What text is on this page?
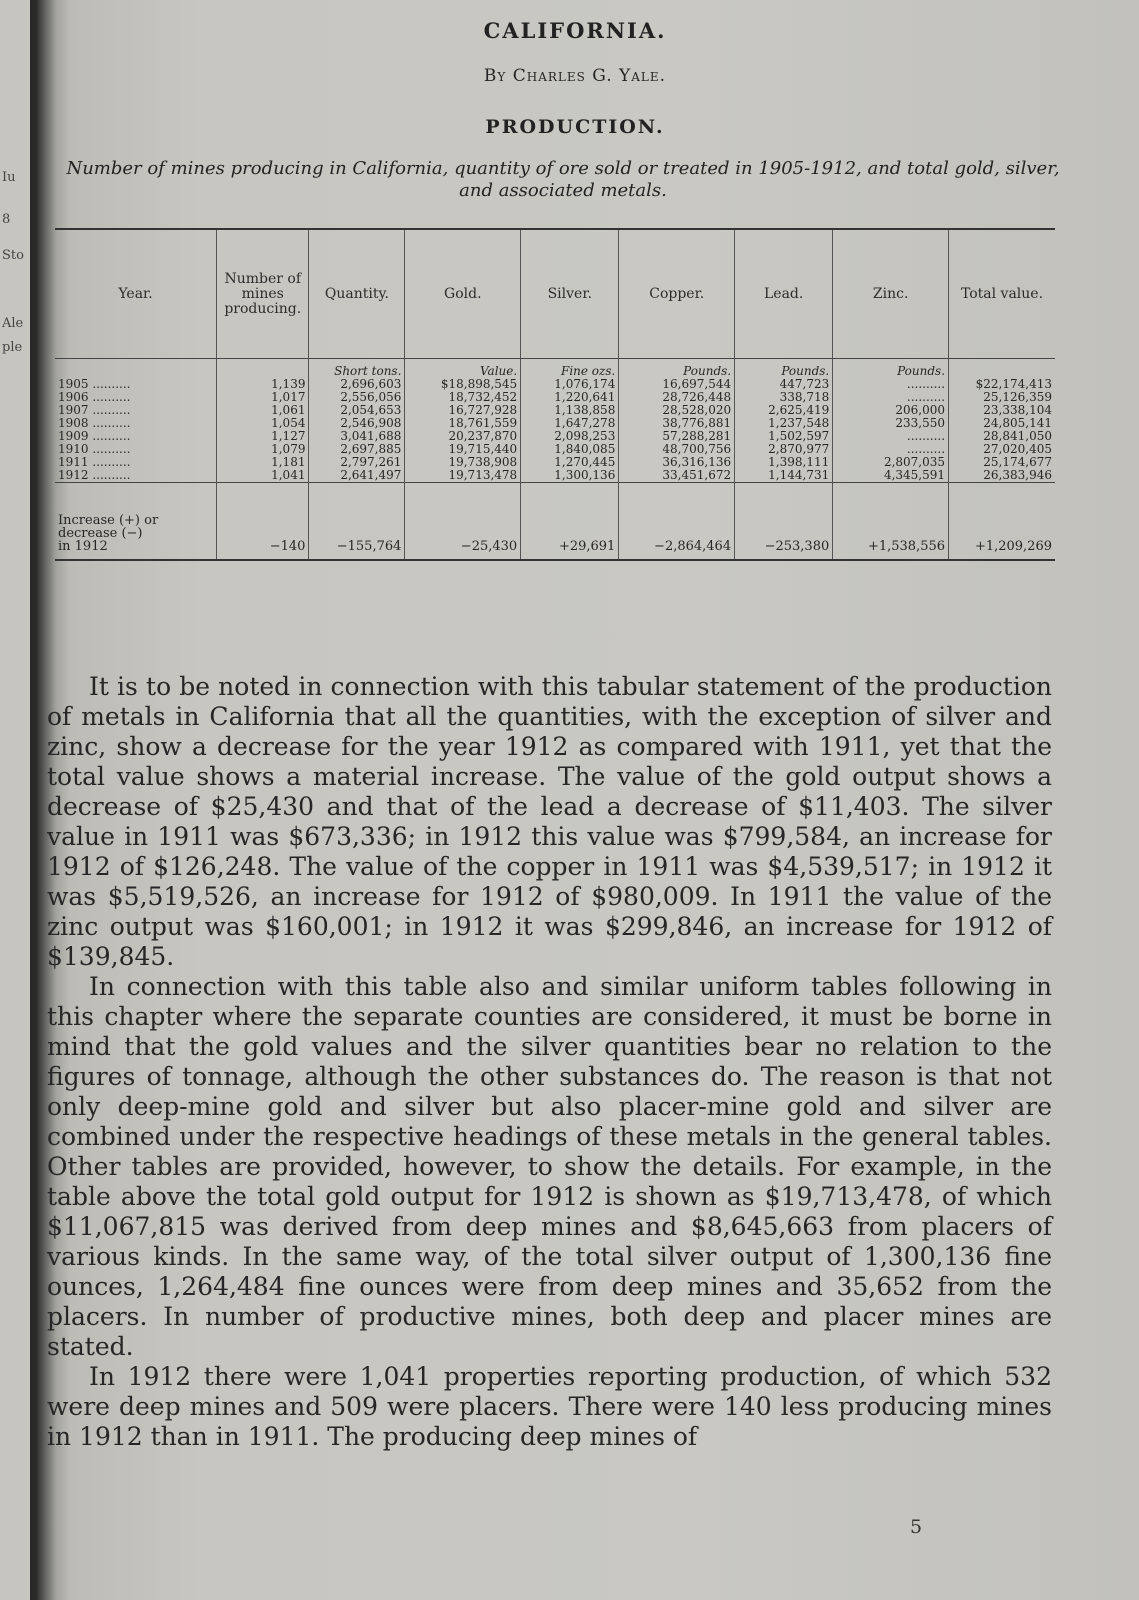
Iu
8
Sto
Ale
ple
CALIFORNIA.
By Charles G. Yale.
PRODUCTION.
Number of mines producing in California, quantity of ore sold or treated in 1905-1912, and total gold, silver, and associated metals.
Year.	Number of mines producing.	Quantity.	Gold.	Silver.	Copper.	Lead.	Zinc.	Total value.
		Short tons.	Value.	Fine ozs.	Pounds.	Pounds.	Pounds.	
1905 ..........	1,139	2,696,603	$18,898,545	1,076,174	16,697,544	447,723	..........	$22,174,413
1906 ..........	1,017	2,556,056	18,732,452	1,220,641	28,726,448	338,718	..........	25,126,359
1907 ..........	1,061	2,054,653	16,727,928	1,138,858	28,528,020	2,625,419	206,000	23,338,104
1908 ..........	1,054	2,546,908	18,761,559	1,647,278	38,776,881	1,237,548	233,550	24,805,141
1909 ..........	1,127	3,041,688	20,237,870	2,098,253	57,288,281	1,502,597	..........	28,841,050
1910 ..........	1,079	2,697,885	19,715,440	1,840,085	48,700,756	2,870,977	..........	27,020,405
1911 ..........	1,181	2,797,261	19,738,908	1,270,445	36,316,136	1,398,111	2,807,035	25,174,677
1912 ..........	1,041	2,641,497	19,713,478	1,300,136	33,451,672	1,144,731	4,345,591	26,383,946
Increase (+) or
decrease (−)
in 1912	−140	−155,764	−25,430	+29,691	−2,864,464	−253,380	+1,538,556	+1,209,269

It is to be noted in connection with this tabular statement of the production of metals in California that all the quantities, with the exception of silver and zinc, show a decrease for the year 1912 as compared with 1911, yet that the total value shows a material increase. The value of the gold output shows a decrease of $25,430 and that of the lead a decrease of $11,403. The silver value in 1911 was $673,336; in 1912 this value was $799,584, an increase for 1912 of $126,248. The value of the copper in 1911 was $4,539,517; in 1912 it was $5,519,526, an increase for 1912 of $980,009. In 1911 the value of the zinc output was $160,001; in 1912 it was $299,846, an increase for 1912 of $139,845.

In connection with this table also and similar uniform tables following in this chapter where the separate counties are considered, it must be borne in mind that the gold values and the silver quantities bear no relation to the figures of tonnage, although the other substances do. The reason is that not only deep-mine gold and silver but also placer-mine gold and silver are combined under the respective headings of these metals in the general tables. Other tables are provided, however, to show the details. For example, in the table above the total gold output for 1912 is shown as $19,713,478, of which $11,067,815 was derived from deep mines and $8,645,663 from placers of various kinds. In the same way, of the total silver output of 1,300,136 fine ounces, 1,264,484 fine ounces were from deep mines and 35,652 from the placers. In number of productive mines, both deep and placer mines are stated.

In 1912 there were 1,041 properties reporting production, of which 532 were deep mines and 509 were placers. There were 140 less producing mines in 1912 than in 1911. The producing deep mines of

5
